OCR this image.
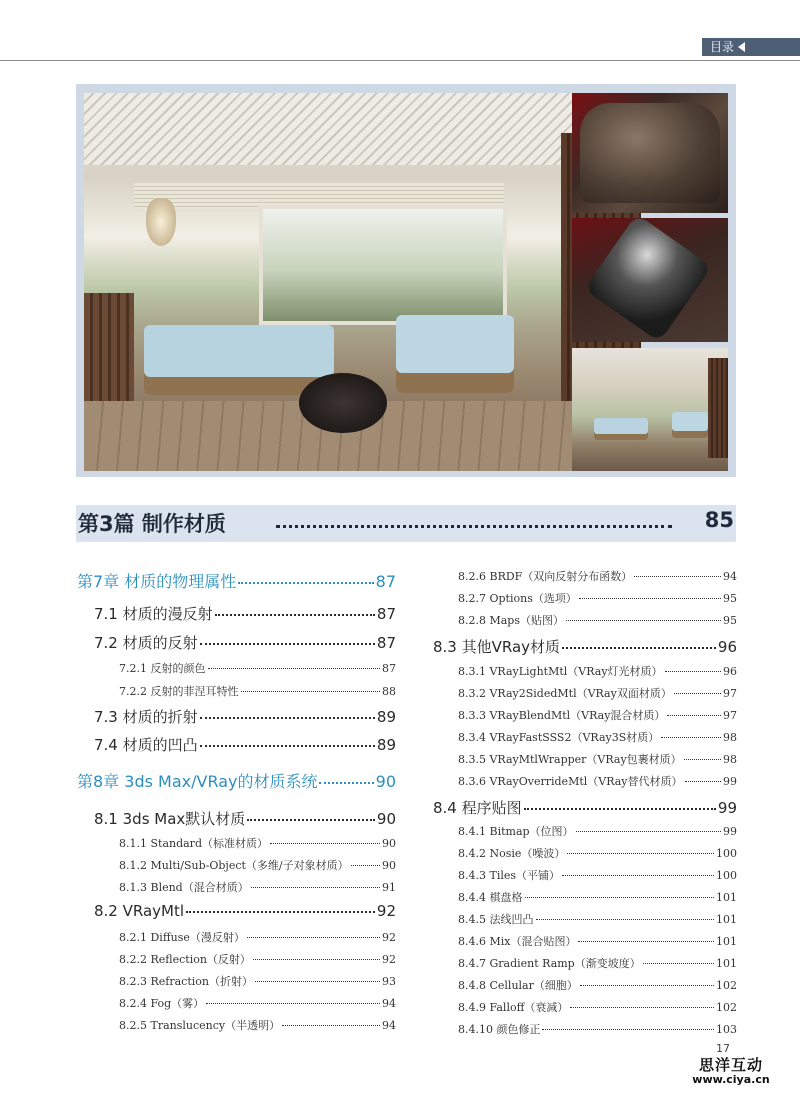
目录
第3篇 制作材质	85
第7章 材质的物理属性	87
7.1 材质的漫反射	87
7.2 材质的反射	87
7.2.1 反射的颜色	87
7.2.2 反射的菲涅耳特性	88
7.3 材质的折射	89
7.4 材质的凹凸	89
第8章 3ds Max/VRay的材质系统	90
8.1 3ds Max默认材质	90
8.1.1 Standard（标准材质）	90
8.1.2 Multi/Sub-Object（多维/子对象材质）	90
8.1.3 Blend（混合材质）	91
8.2 VRayMtl	92
8.2.1 Diffuse（漫反射）	92
8.2.2 Reflection（反射）	92
8.2.3 Refraction（折射）	93
8.2.4 Fog（雾）	94
8.2.5 Translucency（半透明）	94
8.2.6 BRDF（双向反射分布函数）	94
8.2.7 Options（选项）	95
8.2.8 Maps（贴图）	95
8.3 其他VRay材质	96
8.3.1 VRayLightMtl（VRay灯光材质）	96
8.3.2 VRay2SidedMtl（VRay双面材质）	97
8.3.3 VRayBlendMtl（VRay混合材质）	97
8.3.4 VRayFastSSS2（VRay3S材质）	98
8.3.5 VRayMtlWrapper（VRay包裹材质）	98
8.3.6 VRayOverrideMtl（VRay替代材质）	99
8.4 程序贴图	99
8.4.1 Bitmap（位图）	99
8.4.2 Nosie（噪波）	100
8.4.3 Tiles（平铺）	100
8.4.4 棋盘格	101
8.4.5 法线凹凸	101
8.4.6 Mix（混合贴图）	101
8.4.7 Gradient Ramp（渐变坡度）	101
8.4.8 Cellular（细胞）	102
8.4.9 Falloff（衰减）	102
8.4.10 颜色修正	103
17
思洋互动
www.ciya.cn
